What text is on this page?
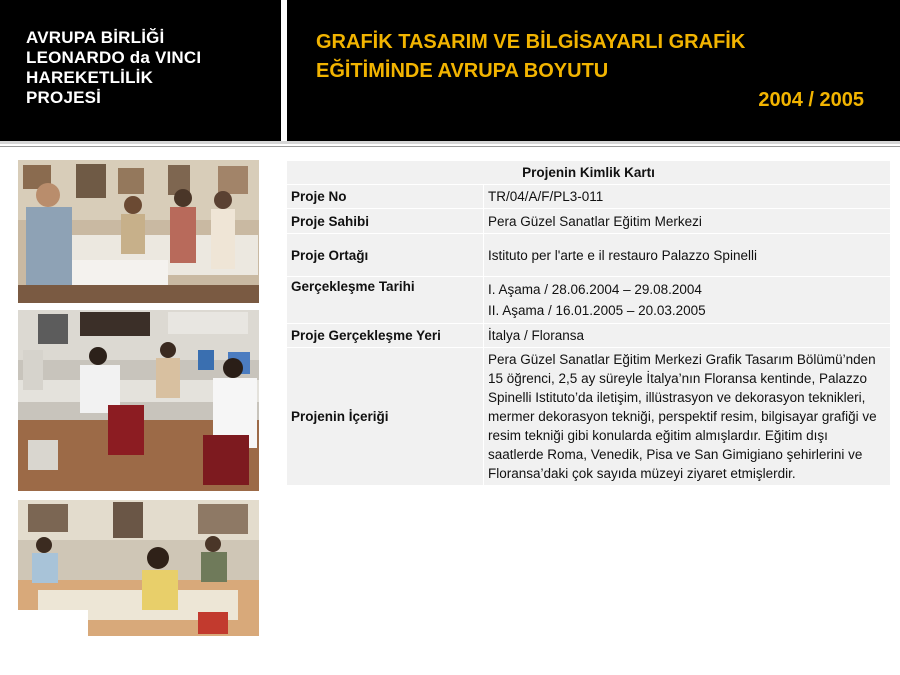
AVRUPA BİRLİĞİ
LEONARDO da VINCI
HAREKETLİLİK
PROJESİ
GRAFİK TASARIM VE BİLGİSAYARLI GRAFİK
EĞİTİMİNDE AVRUPA BOYUTU
2004 / 2005
Projenin Kimlik Kartı	
Proje No	TR/04/A/F/PL3-011
Proje Sahibi	Pera Güzel Sanatlar Eğitim Merkezi
Proje Ortağı	Istituto per l'arte e il restauro Palazzo Spinelli
Gerçekleşme Tarihi	I. Aşama / 28.06.2004 – 29.08.2004
II. Aşama / 16.01.2005 – 20.03.2005

Proje Gerçekleşme Yeri	İtalya / Floransa
Projenin İçeriği	Pera Güzel Sanatlar Eğitim Merkezi Grafik Tasarım Bölümü’nden 15 öğrenci, 2,5 ay süreyle İtalya’nın Floransa kentinde, Palazzo Spinelli Istituto’da iletişim, illüstrasyon ve dekorasyon teknikleri, mermer dekorasyon tekniği, perspektif resim, bilgisayar grafiği ve resim tekniği gibi konularda eğitim almışlardır. Eğitim dışı saatlerde Roma, Venedik, Pisa ve San Gimigiano şehirlerini ve Floransa’daki çok sayıda müzeyi ziyaret etmişlerdir.
